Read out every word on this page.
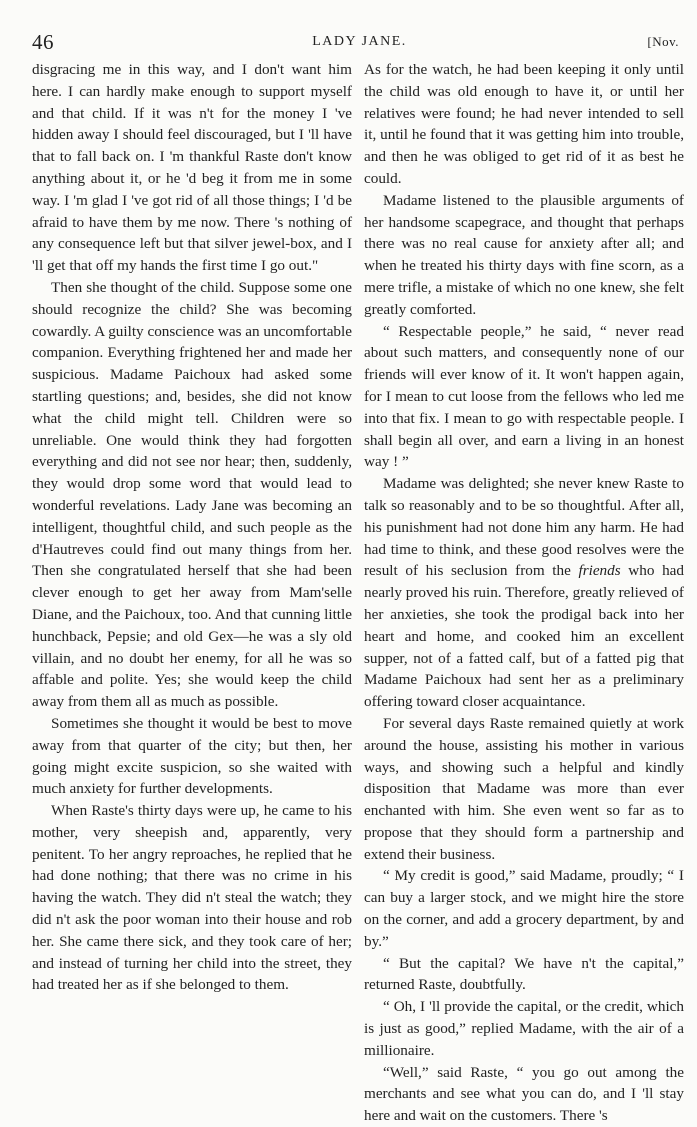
46	LADY JANE.	[Nov.

disgracing me in this way, and I don't want him here. I can hardly make enough to support myself and that child. If it was n't for the money I 've hidden away I should feel discouraged, but I 'll have that to fall back on. I 'm thankful Raste don't know anything about it, or he 'd beg it from me in some way. I 'm glad I 've got rid of all those things; I 'd be afraid to have them by me now. There 's nothing of any consequence left but that silver jewel-box, and I 'll get that off my hands the first time I go out."

Then she thought of the child. Suppose some one should recognize the child? She was becoming cowardly. A guilty conscience was an uncomfortable companion. Everything frightened her and made her suspicious. Madame Paichoux had asked some startling questions; and, besides, she did not know what the child might tell. Children were so unreliable. One would think they had forgotten everything and did not see nor hear; then, suddenly, they would drop some word that would lead to wonderful revelations. Lady Jane was becoming an intelligent, thoughtful child, and such people as the d'Hautreves could find out many things from her. Then she congratulated herself that she had been clever enough to get her away from Mam'selle Diane, and the Paichoux, too. And that cunning little hunchback, Pepsie; and old Gex—he was a sly old villain, and no doubt her enemy, for all he was so affable and polite. Yes; she would keep the child away from them all as much as possible.

Sometimes she thought it would be best to move away from that quarter of the city; but then, her going might excite suspicion, so she waited with much anxiety for further developments.

When Raste's thirty days were up, he came to his mother, very sheepish and, apparently, very penitent. To her angry reproaches, he replied that he had done nothing; that there was no crime in his having the watch. They did n't steal the watch; they did n't ask the poor woman into their house and rob her. She came there sick, and they took care of her; and instead of turning her child into the street, they had treated her as if she belonged to them.

As for the watch, he had been keeping it only until the child was old enough to have it, or until her relatives were found; he had never intended to sell it, until he found that it was getting him into trouble, and then he was obliged to get rid of it as best he could.

Madame listened to the plausible arguments of her handsome scapegrace, and thought that perhaps there was no real cause for anxiety after all; and when he treated his thirty days with fine scorn, as a mere trifle, a mistake of which no one knew, she felt greatly comforted.

“ Respectable people,” he said, “ never read about such matters, and consequently none of our friends will ever know of it. It won't happen again, for I mean to cut loose from the fellows who led me into that fix. I mean to go with respectable people. I shall begin all over, and earn a living in an honest way ! ”

Madame was delighted; she never knew Raste to talk so reasonably and to be so thoughtful. After all, his punishment had not done him any harm. He had had time to think, and these good resolves were the result of his seclusion from the friends who had nearly proved his ruin. Therefore, greatly relieved of her anxieties, she took the prodigal back into her heart and home, and cooked him an excellent supper, not of a fatted calf, but of a fatted pig that Madame Paichoux had sent her as a preliminary offering toward closer acquaintance.

For several days Raste remained quietly at work around the house, assisting his mother in various ways, and showing such a helpful and kindly disposition that Madame was more than ever enchanted with him. She even went so far as to propose that they should form a partnership and extend their business.

“ My credit is good,” said Madame, proudly; “ I can buy a larger stock, and we might hire the store on the corner, and add a grocery department, by and by.”

“ But the capital? We have n't the capital,” returned Raste, doubtfully.

“ Oh, I 'll provide the capital, or the credit, which is just as good,” replied Madame, with the air of a millionaire.

“Well,” said Raste, “ you go out among the merchants and see what you can do, and I 'll stay here and wait on the customers. There 's
